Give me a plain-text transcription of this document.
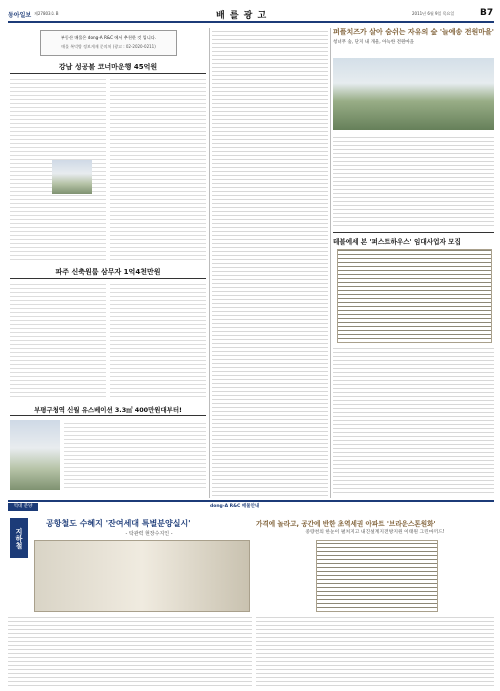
동아일보 제27803호 B	배 를 광 고	2011년 6월 9일 목요일	B7
부동산 매물은 dong-A R&C 에서 추천한 것 입니다.
매물 복덕방 정보게재 문의처 (광고 : 02-2020-0211)
강남 성공불 코너마운행 45억원
파주 신축원룸 삼무자 1억4천만원
부평구청역 신월 유스베이션 3.3㎡ 400만원대부터!
퍼플치즈가 살아 숨쉬는 자유의 숲 '늘예송 전원마을'
청녀무 숲, 단지 내 개울, 아늑한 전원마을
테블에세 본 '퍼스트하우스' 임대사업자 모집
역대 분양	dong-A R&C 매물안내
지하철
공항철도 수혜지 '잔여세대 특별분양실시'
- 탁관력 현장수지인 -
가격에 놀라고, 공간에 반한 초역세권 아파트 '브라운스톤원화'
중량천의 한눈이 펼쳐지고 내진설계지전방지원 이태원 그린마끼드!
